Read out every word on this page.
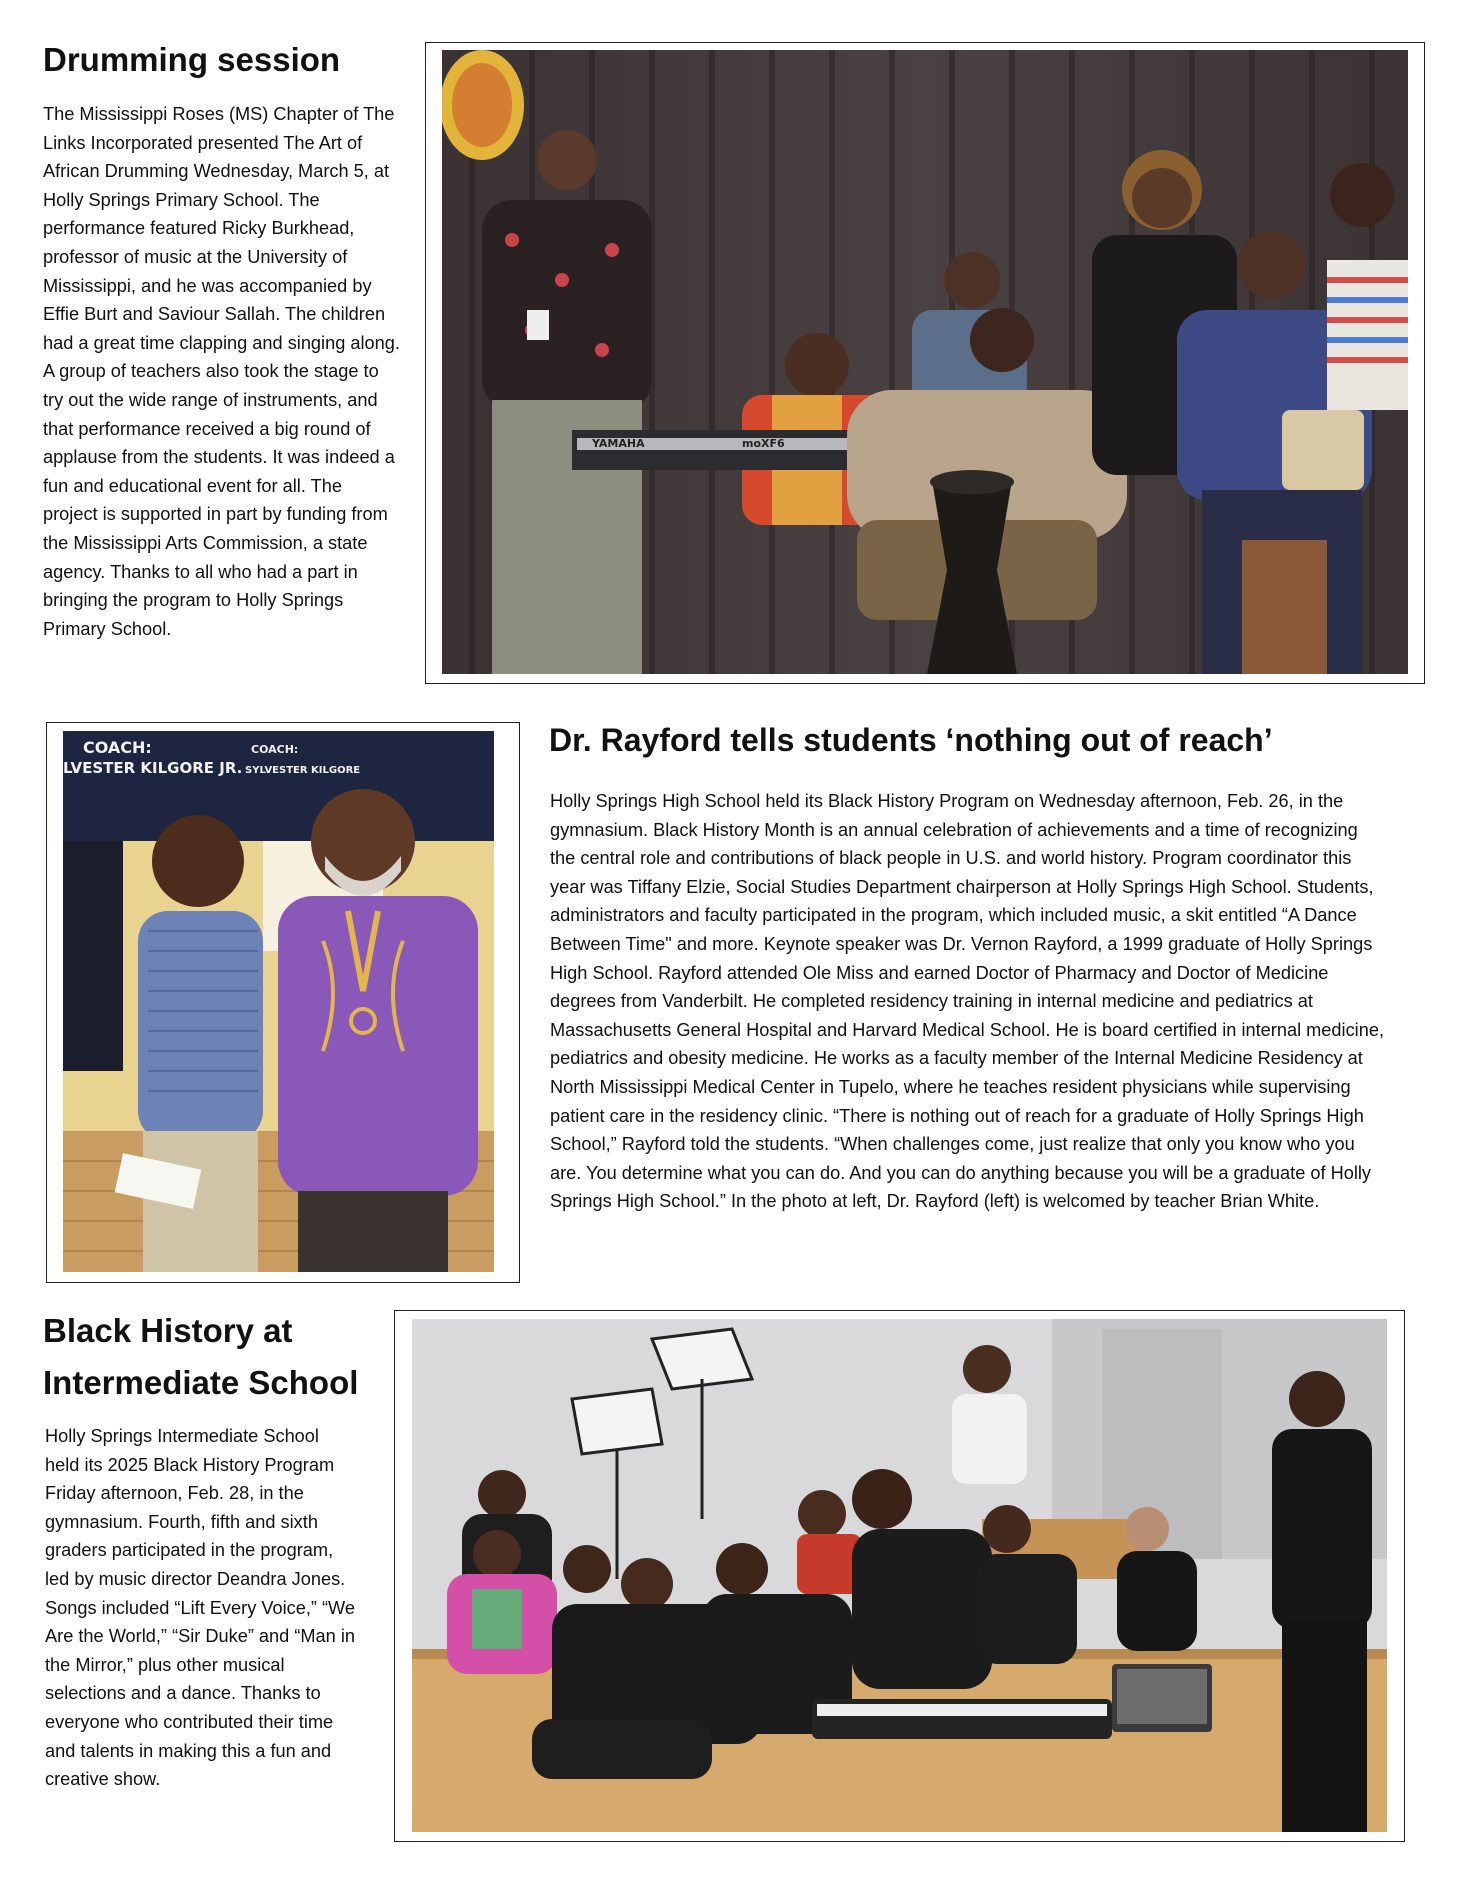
Drumming session

The Mississippi Roses (MS) Chapter of The Links Incorporated presented The Art of African Drumming Wednesday, March 5, at Holly Springs Primary School. The performance featured Ricky Burkhead, professor of music at the University of Mississippi, and he was accompanied by Effie Burt and Saviour Sallah. The children had a great time clapping and singing along. A group of teachers also took the stage to try out the wide range of instruments, and that performance received a big round of applause from the students. It was indeed a fun and educational event for all. The project is supported in part by funding from the Mississippi Arts Commission, a state agency. Thanks to all who had a part in bringing the program to Holly Springs Primary School.

YAMAHA	moXF6
COACH:
LVESTER KILGORE JR.
COACH:
SYLVESTER KILGORE
Dr. Rayford tells students ‘nothing out of reach’

Holly Springs High School held its Black History Program on Wednesday afternoon, Feb. 26, in the gymnasium. Black History Month is an annual celebration of achievements and a time of recognizing the central role and contributions of black people in U.S. and world history. Program coordinator this year was Tiffany Elzie, Social Studies Department chairperson at Holly Springs High School. Students, administrators and faculty participated in the program, which included music, a skit entitled “A Dance Between Time" and more. Keynote speaker was Dr. Vernon Rayford, a 1999 graduate of Holly Springs High School. Rayford attended Ole Miss and earned Doctor of Pharmacy and Doctor of Medicine degrees from Vanderbilt. He completed residency training in internal medicine and pediatrics at Massachusetts General Hospital and Harvard Medical School. He is board certified in internal medicine, pediatrics and obesity medicine. He works as a faculty member of the Internal Medicine Residency at North Mississippi Medical Center in Tupelo, where he teaches resident physicians while supervising patient care in the residency clinic. “There is nothing out of reach for a graduate of Holly Springs High School,” Rayford told the students. “When challenges come, just realize that only you know who you are. You determine what you can do. And you can do anything because you will be a graduate of Holly Springs High School.” In the photo at left, Dr. Rayford (left) is welcomed by teacher Brian White.

Black History at
Intermediate School

Holly Springs Intermediate School held its 2025 Black History Program Friday afternoon, Feb. 28, in the gymnasium. Fourth, fifth and sixth graders participated in the program, led by music director Deandra Jones. Songs included “Lift Every Voice,” “We Are the World,” “Sir Duke” and “Man in the Mirror,” plus other musical selections and a dance. Thanks to everyone who contributed their time and talents in making this a fun and creative show.
